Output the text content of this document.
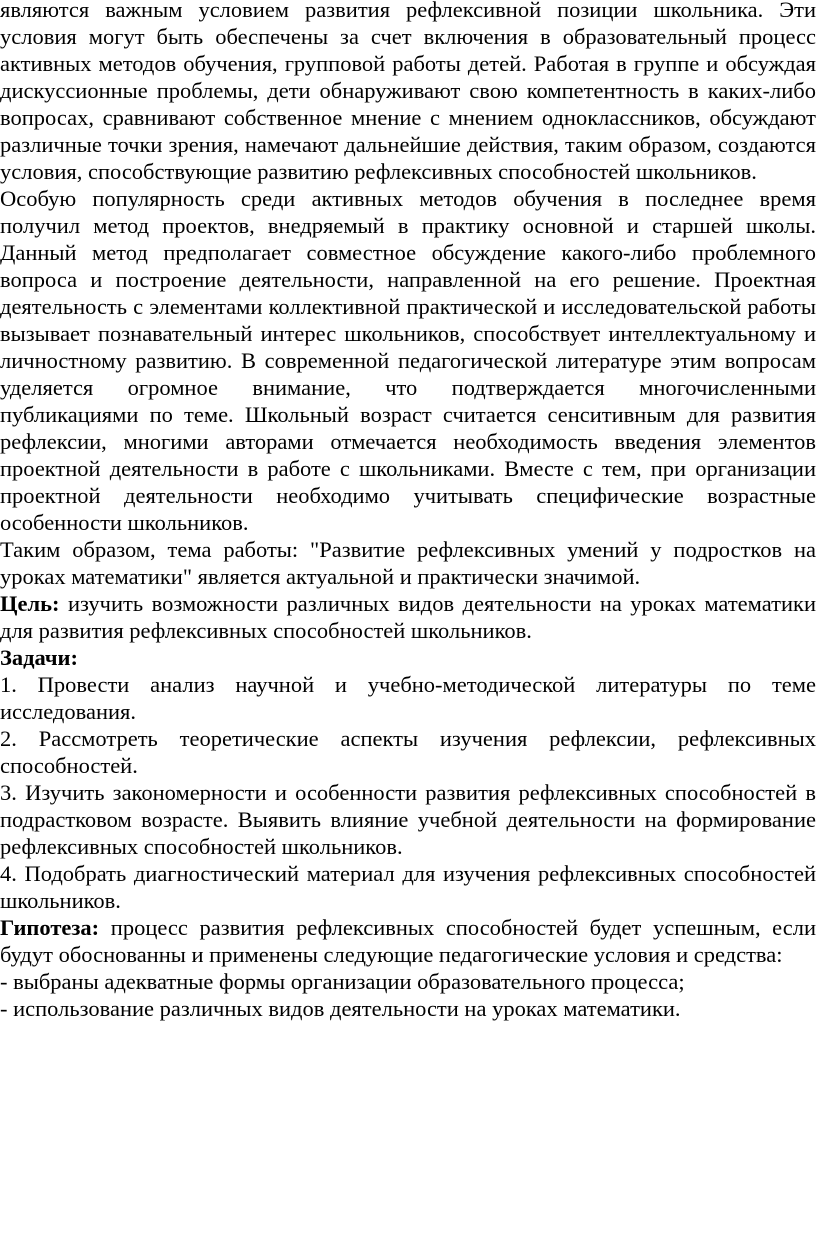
являются важным условием развития рефлексивной позиции школьника. Эти условия могут быть обеспечены за счет включения в образовательный процесс активных методов обучения, групповой работы детей. Работая в группе и обсуждая дискуссионные проблемы, дети обнаруживают свою компетентность в каких-либо вопросах, сравнивают собственное мнение с мнением одноклассников, обсуждают различные точки зрения, намечают дальнейшие действия, таким образом, создаются условия, способствующие развитию рефлексивных способностей школьников.

Особую популярность среди активных методов обучения в последнее время получил метод проектов, внедряемый в практику основной и старшей школы. Данный метод предполагает совместное обсуждение какого-либо проблемного вопроса и построение деятельности, направленной на его решение. Проектная деятельность с элементами коллективной практической и исследовательской работы вызывает познавательный интерес школьников, способствует интеллектуальному и личностному развитию. В современной педагогической литературе этим вопросам уделяется огромное внимание, что подтверждается многочисленными публикациями по теме. Школьный возраст считается сенситивным для развития рефлексии, многими авторами отмечается необходимость введения элементов проектной деятельности в работе с школьниками. Вместе с тем, при организации проектной деятельности необходимо учитывать специфические возрастные особенности школьников.

Таким образом, тема работы: "Развитие рефлексивных умений у подростков на уроках математики" является актуальной и практически значимой.

Цель: изучить возможности различных видов деятельности на уроках математики для развития рефлексивных способностей школьников.

Задачи:

1. Провести анализ научной и учебно-методической литературы по теме исследования.

2. Рассмотреть теоретические аспекты изучения рефлексии, рефлексивных способностей.

3. Изучить закономерности и особенности развития рефлексивных способностей в подрастковом возрасте. Выявить влияние учебной деятельности на формирование рефлексивных способностей школьников.

4. Подобрать диагностический материал для изучения рефлексивных способностей школьников.

Гипотеза: процесс развития рефлексивных способностей будет успешным, если будут обоснованны и применены следующие педагогические условия и средства:

- выбраны адекватные формы организации образовательного процесса;

- использование различных видов деятельности на уроках математики.
